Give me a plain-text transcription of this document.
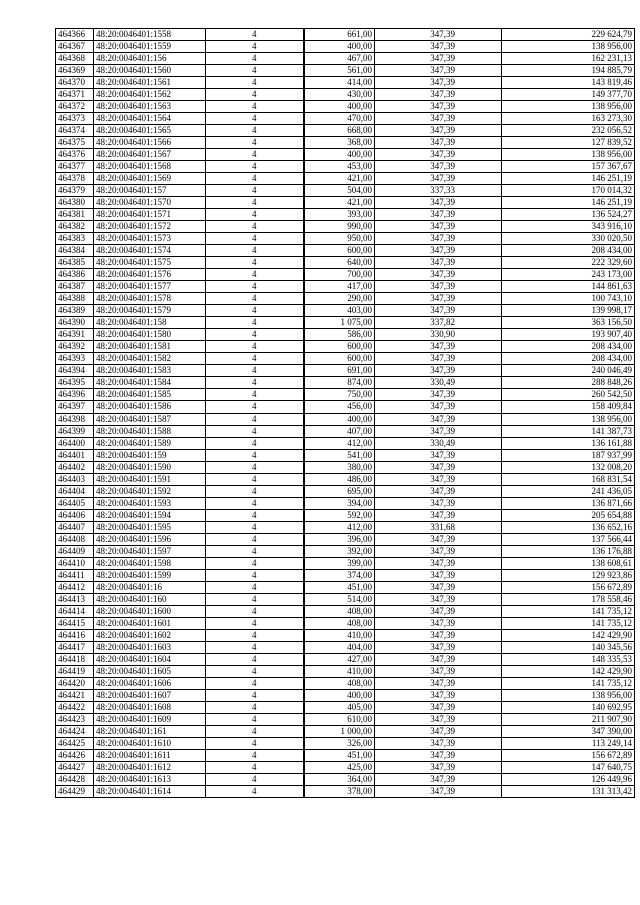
464366	48:20:0046401:1558	4	661,00	347,39	229 624,79
464367	48:20:0046401:1559	4	400,00	347,39	138 956,00
464368	48:20:0046401:156	4	467,00	347,39	162 231,13
464369	48:20:0046401:1560	4	561,00	347,39	194 885,79
464370	48:20:0046401:1561	4	414,00	347,39	143 819,46
464371	48:20:0046401:1562	4	430,00	347,39	149 377,70
464372	48:20:0046401:1563	4	400,00	347,39	138 956,00
464373	48:20:0046401:1564	4	470,00	347,39	163 273,30
464374	48:20:0046401:1565	4	668,00	347,39	232 056,52
464375	48:20:0046401:1566	4	368,00	347,39	127 839,52
464376	48:20:0046401:1567	4	400,00	347,39	138 956,00
464377	48:20:0046401:1568	4	453,00	347,39	157 367,67
464378	48:20:0046401:1569	4	421,00	347,39	146 251,19
464379	48:20:0046401:157	4	504,00	337,33	170 014,32
464380	48:20:0046401:1570	4	421,00	347,39	146 251,19
464381	48:20:0046401:1571	4	393,00	347,39	136 524,27
464382	48:20:0046401:1572	4	990,00	347,39	343 916,10
464383	48:20:0046401:1573	4	950,00	347,39	330 020,50
464384	48:20:0046401:1574	4	600,00	347,39	208 434,00
464385	48:20:0046401:1575	4	640,00	347,39	222 329,60
464386	48:20:0046401:1576	4	700,00	347,39	243 173,00
464387	48:20:0046401:1577	4	417,00	347,39	144 861,63
464388	48:20:0046401:1578	4	290,00	347,39	100 743,10
464389	48:20:0046401:1579	4	403,00	347,39	139 998,17
464390	48:20:0046401:158	4	1 075,00	337,82	363 156,50
464391	48:20:0046401:1580	4	586,00	330,90	193 907,40
464392	48:20:0046401:1581	4	600,00	347,39	208 434,00
464393	48:20:0046401:1582	4	600,00	347,39	208 434,00
464394	48:20:0046401:1583	4	691,00	347,39	240 046,49
464395	48:20:0046401:1584	4	874,00	330,49	288 848,26
464396	48:20:0046401:1585	4	750,00	347,39	260 542,50
464397	48:20:0046401:1586	4	456,00	347,39	158 409,84
464398	48:20:0046401:1587	4	400,00	347,39	138 956,00
464399	48:20:0046401:1588	4	407,00	347,39	141 387,73
464400	48:20:0046401:1589	4	412,00	330,49	136 161,88
464401	48:20:0046401:159	4	541,00	347,39	187 937,99
464402	48:20:0046401:1590	4	380,00	347,39	132 008,20
464403	48:20:0046401:1591	4	486,00	347,39	168 831,54
464404	48:20:0046401:1592	4	695,00	347,39	241 436,05
464405	48:20:0046401:1593	4	394,00	347,39	136 871,66
464406	48:20:0046401:1594	4	592,00	347,39	205 654,88
464407	48:20:0046401:1595	4	412,00	331,68	136 652,16
464408	48:20:0046401:1596	4	396,00	347,39	137 566,44
464409	48:20:0046401:1597	4	392,00	347,39	136 176,88
464410	48:20:0046401:1598	4	399,00	347,39	138 608,61
464411	48:20:0046401:1599	4	374,00	347,39	129 923,86
464412	48:20:0046401:16	4	451,00	347,39	156 672,89
464413	48:20:0046401:160	4	514,00	347,39	178 558,46
464414	48:20:0046401:1600	4	408,00	347,39	141 735,12
464415	48:20:0046401:1601	4	408,00	347,39	141 735,12
464416	48:20:0046401:1602	4	410,00	347,39	142 429,90
464417	48:20:0046401:1603	4	404,00	347,39	140 345,56
464418	48:20:0046401:1604	4	427,00	347,39	148 335,53
464419	48:20:0046401:1605	4	410,00	347,39	142 429,90
464420	48:20:0046401:1606	4	408,00	347,39	141 735,12
464421	48:20:0046401:1607	4	400,00	347,39	138 956,00
464422	48:20:0046401:1608	4	405,00	347,39	140 692,95
464423	48:20:0046401:1609	4	610,00	347,39	211 907,90
464424	48:20:0046401:161	4	1 000,00	347,39	347 390,00
464425	48:20:0046401:1610	4	326,00	347,39	113 249,14
464426	48:20:0046401:1611	4	451,00	347,39	156 672,89
464427	48:20:0046401:1612	4	425,00	347,39	147 640,75
464428	48:20:0046401:1613	4	364,00	347,39	126 449,96
464429	48:20:0046401:1614	4	378,00	347,39	131 313,42
